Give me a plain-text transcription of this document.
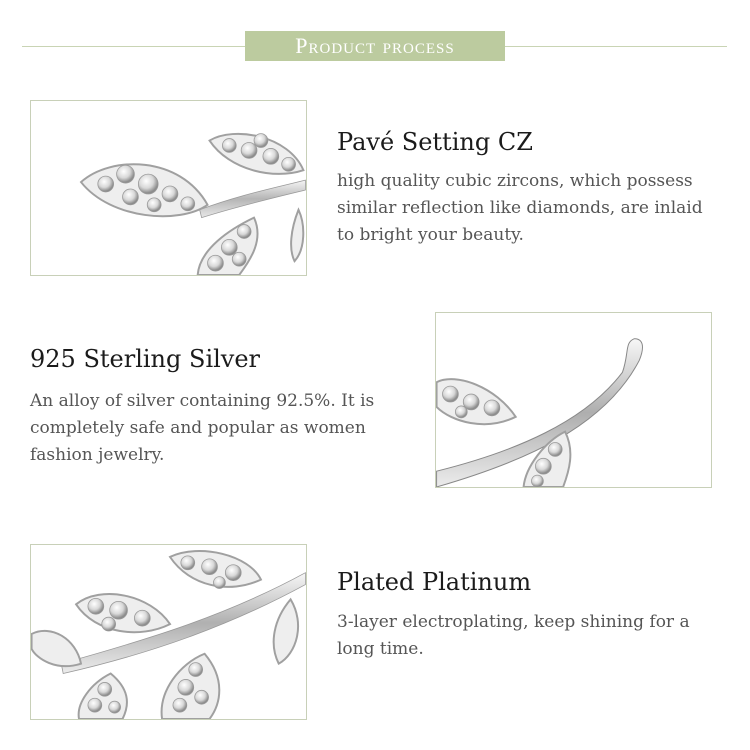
Product process
Pavé Setting CZ
high quality cubic zircons, which possess similar reflection like diamonds, are inlaid to bright your beauty.
925 Sterling Silver
An alloy of silver containing 92.5%. It is completely safe and popular as women fashion jewelry.
Plated Platinum
3-layer electroplating, keep shining for a long time.
